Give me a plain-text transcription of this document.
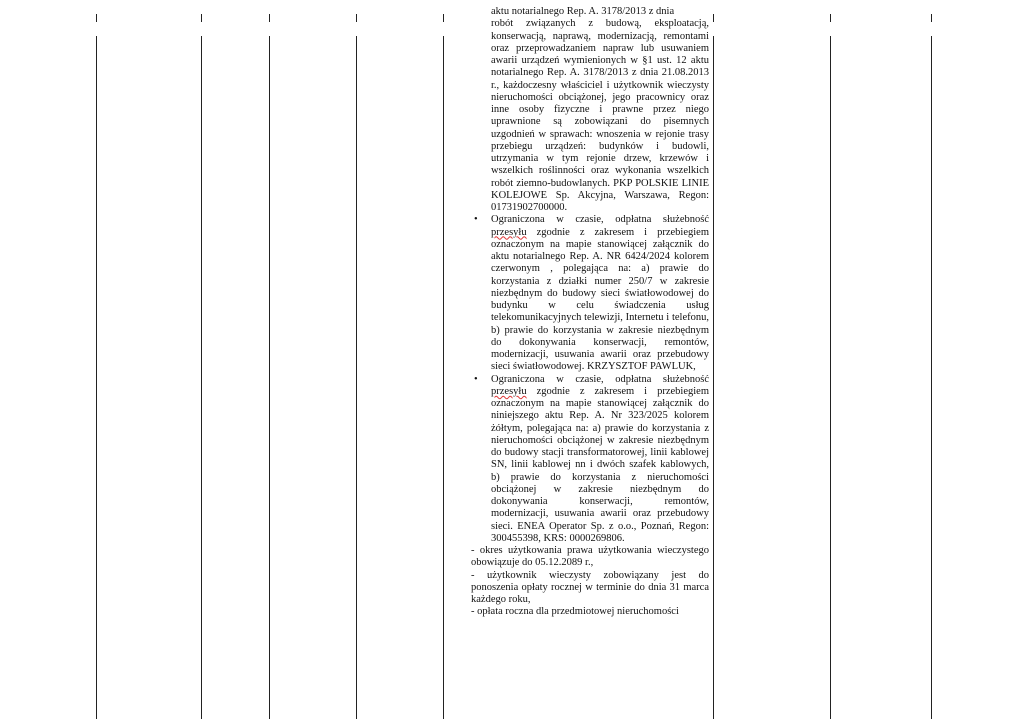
aktu notarialnego Rep. A. 3178/2013 z dnia

robót związanych z budową, eksploatacją, konserwacją, naprawą, modernizacją, remontami oraz przeprowadzaniem napraw lub usuwaniem awarii urządzeń wymienionych w §1 ust. 12 aktu notarialnego Rep. A. 3178/2013 z dnia 21.08.2013 r., każdoczesny właściciel i użytkownik wieczysty nieruchomości obciążonej, jego pracownicy oraz inne osoby fizyczne i prawne przez niego uprawnione są zobowiązani do pisemnych uzgodnień w sprawach: wnoszenia w rejonie trasy przebiegu urządzeń: budynków i budowli, utrzymania w tym rejonie drzew, krzewów i wszelkich roślinności oraz wykonania wszelkich robót ziemno-budowlanych. PKP POLSKIE LINIE KOLEJOWE Sp. Akcyjna, Warszawa, Regon: 01731902700000.

• Ograniczona w czasie, odpłatna służebność przesyłu zgodnie z zakresem i przebiegiem oznaczonym na mapie stanowiącej załącznik do aktu notarialnego Rep. A. NR 6424/2024 kolorem czerwonym , polegająca na: a) prawie do korzystania z działki numer 250/7 w zakresie niezbędnym do budowy sieci światłowodowej do budynku w celu świadczenia usług telekomunikacyjnych telewizji, Internetu i telefonu, b) prawie do korzystania w zakresie niezbędnym do dokonywania konserwacji, remontów, modernizacji, usuwania awarii oraz przebudowy sieci światłowodowej. KRZYSZTOF PAWLUK,
• Ograniczona w czasie, odpłatna służebność przesyłu zgodnie z zakresem i przebiegiem oznaczonym na mapie stanowiącej załącznik do niniejszego aktu Rep. A. Nr 323/2025 kolorem żółtym, polegająca na: a) prawie do korzystania z nieruchomości obciążonej w zakresie niezbędnym do budowy stacji transformatorowej, linii kablowej SN, linii kablowej nn i dwóch szafek kablowych, b) prawie do korzystania z nieruchomości obciążonej w zakresie niezbędnym do dokonywania konserwacji, remontów, modernizacji, usuwania awarii oraz przebudowy sieci. ENEA Operator Sp. z o.o., Poznań, Regon: 300455398, KRS: 0000269806.

- okres użytkowania prawa użytkowania wieczystego obowiązuje do 05.12.2089 r.,

- użytkownik wieczysty zobowiązany jest do ponoszenia opłaty rocznej w terminie do dnia 31 marca każdego roku,

- opłata roczna dla przedmiotowej nieruchomości
